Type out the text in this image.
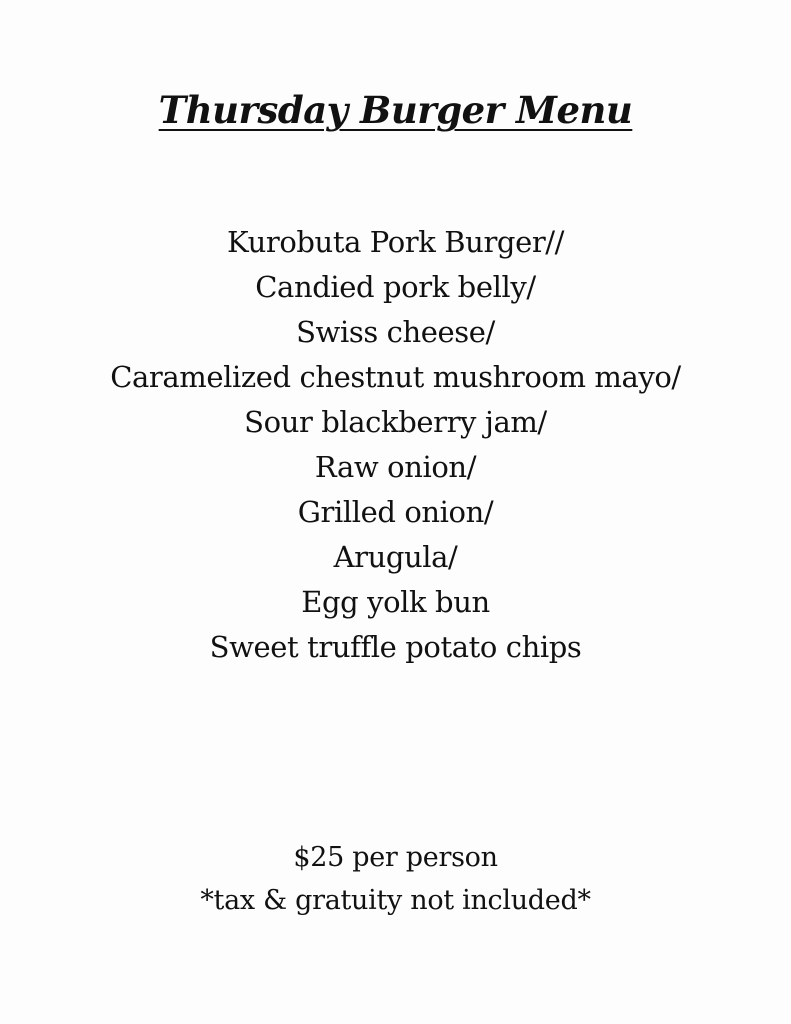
Thursday Burger Menu
Kurobuta Pork Burger//
Candied pork belly/
Swiss cheese/
Caramelized chestnut mushroom mayo/
Sour blackberry jam/
Raw onion/
Grilled onion/
Arugula/
Egg yolk bun
Sweet truffle potato chips
$25 per person
*tax & gratuity not included*
